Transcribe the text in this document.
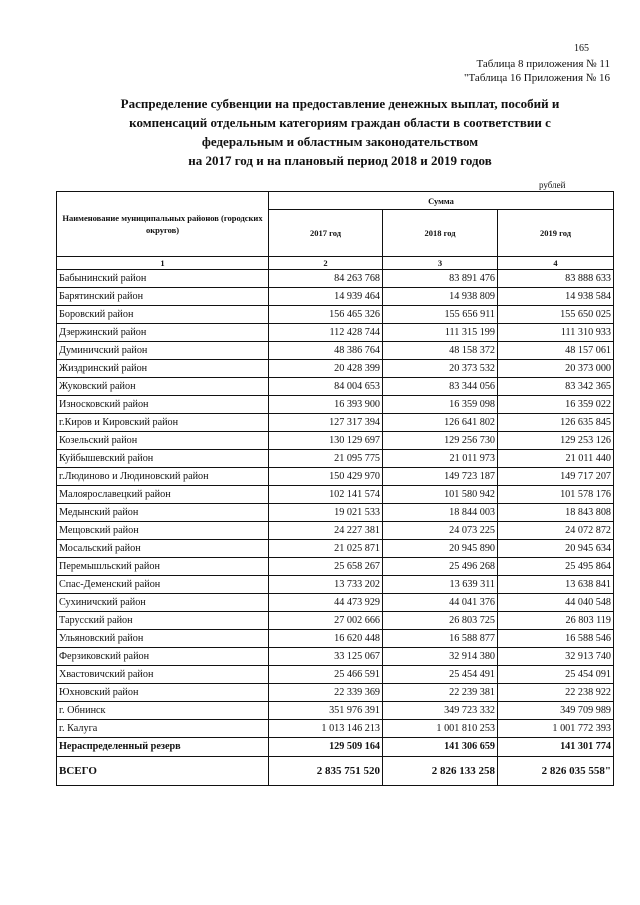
165
Таблица 8 приложения № 11
"Таблица 16 Приложения № 16
Распределение субвенции на предоставление денежных выплат, пособий и
компенсаций отдельным категориям граждан области в соответствии с
федеральным и областным законодательством
на 2017 год и на плановый период 2018 и 2019 годов
рублей
Наименование муниципальных районов (городских округов)	Сумма		
	2017 год	2018 год	2019 год
1	2	3	4
Бабынинский район	84 263 768	83 891 476	83 888 633
Барятинский район	14 939 464	14 938 809	14 938 584
Боровский район	156 465 326	155 656 911	155 650 025
Дзержинский район	112 428 744	111 315 199	111 310 933
Думиничский район	48 386 764	48 158 372	48 157 061
Жиздринский район	20 428 399	20 373 532	20 373 000
Жуковский район	84 004 653	83 344 056	83 342 365
Износковский район	16 393 900	16 359 098	16 359 022
г.Киров и Кировский район	127 317 394	126 641 802	126 635 845
Козельский район	130 129 697	129 256 730	129 253 126
Куйбышевский район	21 095 775	21 011 973	21 011 440
г.Людиново и Людиновский район	150 429 970	149 723 187	149 717 207
Малоярославецкий район	102 141 574	101 580 942	101 578 176
Медынский район	19 021 533	18 844 003	18 843 808
Мещовский район	24 227 381	24 073 225	24 072 872
Мосальский район	21 025 871	20 945 890	20 945 634
Перемышльский район	25 658 267	25 496 268	25 495 864
Спас-Деменский район	13 733 202	13 639 311	13 638 841
Сухиничский район	44 473 929	44 041 376	44 040 548
Тарусский район	27 002 666	26 803 725	26 803 119
Ульяновский район	16 620 448	16 588 877	16 588 546
Ферзиковский район	33 125 067	32 914 380	32 913 740
Хвастовичский район	25 466 591	25 454 491	25 454 091
Юхновский район	22 339 369	22 239 381	22 238 922
г. Обнинск	351 976 391	349 723 332	349 709 989
г. Калуга	1 013 146 213	1 001 810 253	1 001 772 393
Нераспределенный резерв	129 509 164	141 306 659	141 301 774
ВСЕГО	2 835 751 520	2 826 133 258	2 826 035 558"
